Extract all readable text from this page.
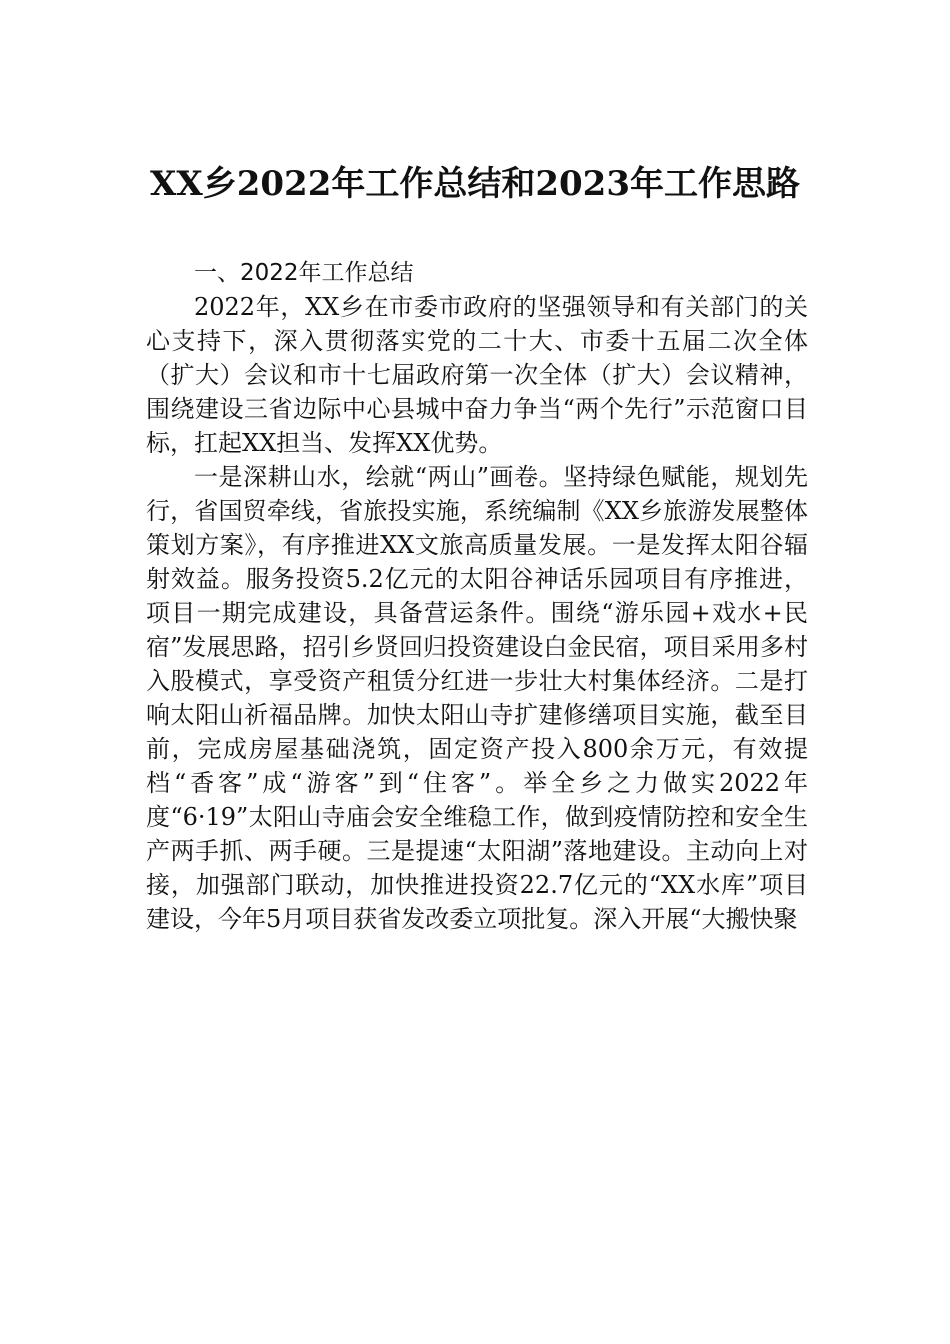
XX乡2022年工作总结和2023年工作思路
一、2022年工作总结

2022年，XX乡在市委市政府的坚强领导和有关部门的关心支持下，深入贯彻落实党的二十大、市委十五届二次全体（扩大）会议和市十七届政府第一次全体（扩大）会议精神，围绕建设三省边际中心县城中奋力争当“两个先行”示范窗口目标，扛起XX担当、发挥XX优势。

一是深耕山水，绘就“两山”画卷。坚持绿色赋能，规划先行，省国贸牵线，省旅投实施，系统编制《XX乡旅游发展整体策划方案》，有序推进XX文旅高质量发展。一是发挥太阳谷辐射效益。服务投资5.2亿元的太阳谷神话乐园项目有序推进，项目一期完成建设，具备营运条件。围绕“游乐园+戏水+民宿”发展思路，招引乡贤回归投资建设白金民宿，项目采用多村入股模式，享受资产租赁分红进一步壮大村集体经济。二是打响太阳山祈福品牌。加快太阳山寺扩建修缮项目实施，截至目前，完成房屋基础浇筑，固定资产投入800余万元，有效提档“香客”成“游客”到“住客”。举全乡之力做实2022年度“6·19”太阳山寺庙会安全维稳工作，做到疫情防控和安全生产两手抓、两手硬。三是提速“太阳湖”落地建设。主动向上对接，加强部门联动，加快推进投资22.7亿元的“XX水库”项目建设，今年5月项目获省发改委立项批复。深入开展“大搬快聚
